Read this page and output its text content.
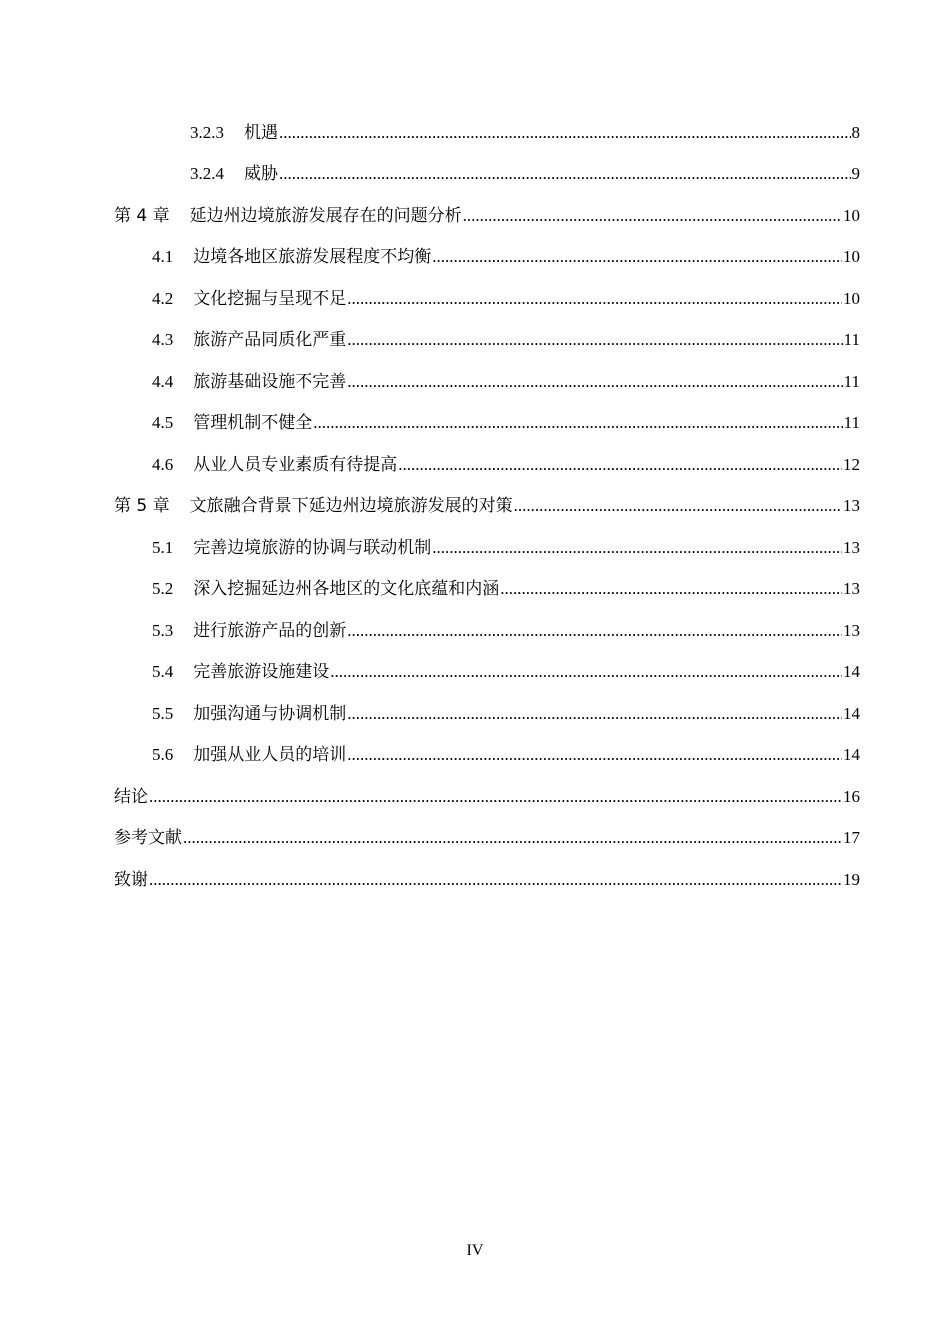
3.2.3 机遇 .....	8
3.2.4 威胁 .....	9
第 4 章 延边州边境旅游发展存在的问题分析 .....	10
4.1 边境各地区旅游发展程度不均衡 .....	10
4.2 文化挖掘与呈现不足 .....	10
4.3 旅游产品同质化严重 .....	11
4.4 旅游基础设施不完善 .....	11
4.5 管理机制不健全 .....	11
4.6 从业人员专业素质有待提高 .....	12
第 5 章 文旅融合背景下延边州边境旅游发展的对策 .....	13
5.1 完善边境旅游的协调与联动机制 .....	13
5.2 深入挖掘延边州各地区的文化底蕴和内涵 .....	13
5.3 进行旅游产品的创新 .....	13
5.4 完善旅游设施建设 .....	14
5.5 加强沟通与协调机制 .....	14
5.6 加强从业人员的培训 .....	14
结论 .....	16
参考文献 .....	17
致谢 .....	19
IV
